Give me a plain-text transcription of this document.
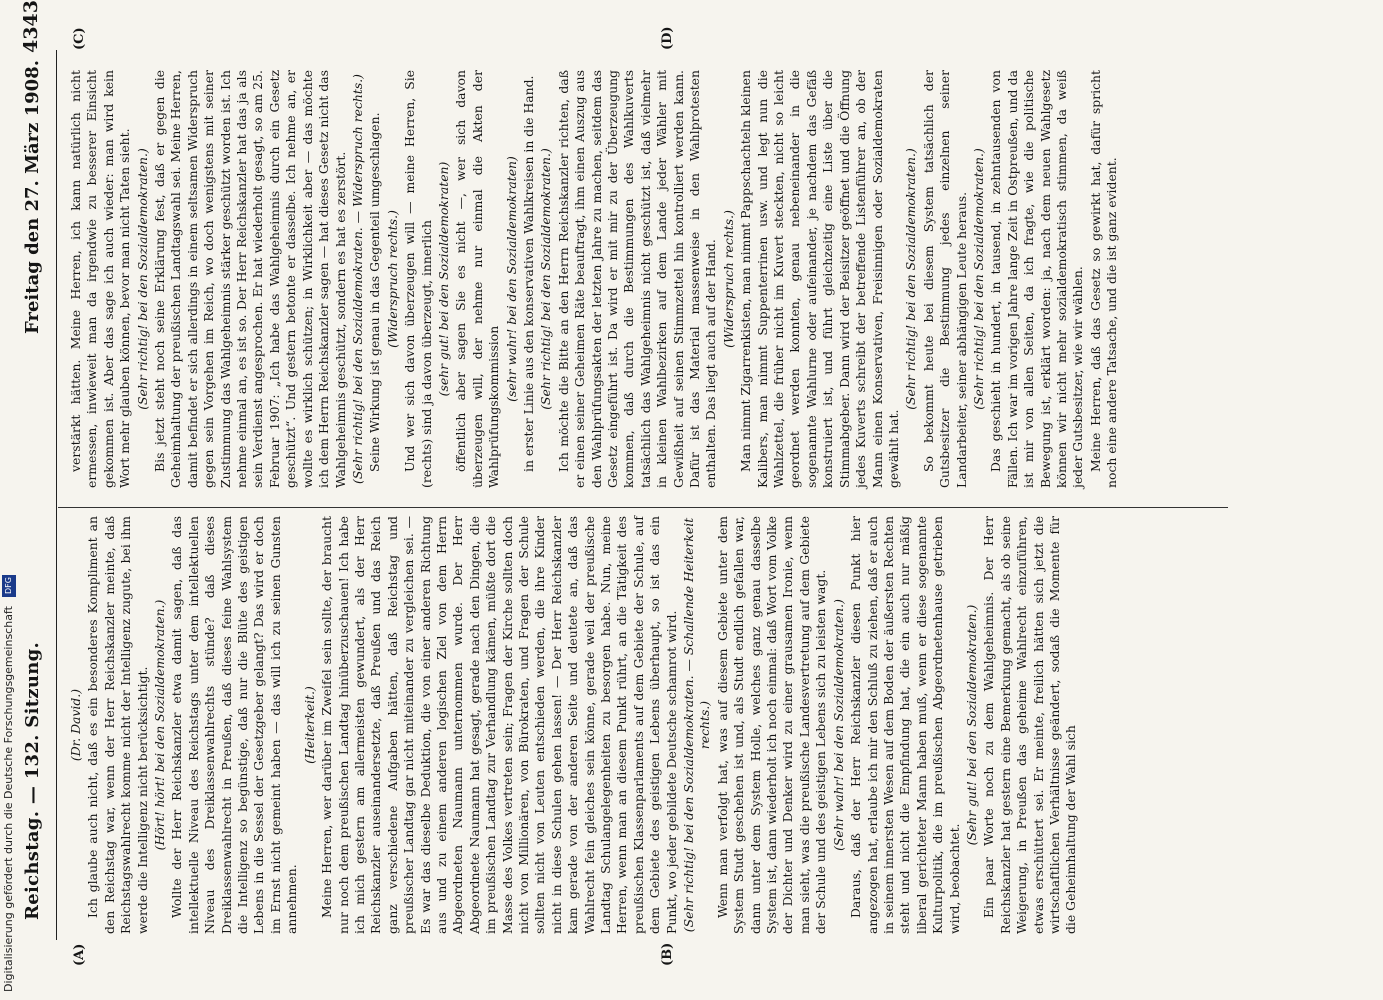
Reichstag. — 132. Sitzung.
Freitag den 27. März 1908.
4343
(A)	(B)
(C)	(D)

(Dr. David.) Ich glaube auch nicht, daß es ein besonderes Kompliment an den Reichstag war, wenn der Herr Reichskanzler meinte, daß Reichstagswahlrecht komme nicht der Intelligenz zugute, bei ihm werde die Intelligenz nicht berücksichtigt. (Hört! hört! bei den Sozialdemokraten.) Wollte der Herr Reichskanzler etwa damit sagen, daß das intellektuelle Niveau des Reichstags unter dem intellektuellen Niveau des Dreiklassenwahlrechts stünde? daß dieses Dreiklassenwahlrecht in Preußen, daß dieses feine Wahlsystem die Intelligenz so begünstige, daß nur die Blüte des geistigen Lebens in die Sessel der Gesetzgeber gelangt? Das wird er doch im Ernst nicht gemeint haben — das will ich zu seinen Gunsten annehmen.

(Heiterkeit.) Meine Herren, wer darüber im Zweifel sein sollte, der braucht nur noch dem preußischen Landtag hinüberzuschauen! Ich habe ich mich gestern am allermeisten gewundert, als der Herr Reichskanzler auseinandersetzte, daß Preußen und das Reich ganz verschiedene Aufgaben hätten, daß Reichstag und preußischer Landtag gar nicht miteinander zu vergleichen sei. — Es war das dieselbe Deduktion, die von einer anderen Richtung aus und zu einem anderen logischen Ziel von dem Herrn Abgeordneten Naumann unternommen wurde. Der Herr Abgeordnete Naumann hat gesagt, gerade nach den Dingen, die im preußischen Landtag zur Verhandlung kämen, müßte dort die Masse des Volkes vertreten sein; Fragen der Kirche sollten doch nicht von Millionären, von Bürokraten, und Fragen der Schule sollten nicht von Leuten entschieden werden, die ihre Kinder nicht in diese Schulen gehen lassen! — Der Herr Reichskanzler kam gerade von der anderen Seite und deutete an, daß das Wahlrecht fein gleiches sein könne, gerade weil der preußische Landtag Schulangelegenheiten zu besorgen habe. Nun, meine Herren, wenn man an diesem Punkt rührt, an die Tätigkeit des preußischen Klassenparlaments auf dem Gebiete der Schule, auf dem Gebiete des geistigen Lebens überhaupt, so ist das ein Punkt, wo jeder gebildete Deutsche schamrot wird. (Sehr richtig! bei den Sozialdemokraten. — Schallende Heiterkeit rechts.) Wenn man verfolgt hat, was auf diesem Gebiete unter dem System Studt geschehen ist und, als Studt endlich gefallen war, dann unter dem System Holle, welches ganz genau dasselbe System ist, dann wiederholt ich noch einmal: daß Wort vom Volke der Dichter und Denker wird zu einer grausamen Ironie, wenn man sieht, was die preußische Landesvertretung auf dem Gebiete der Schule und des geistigen Lebens sich zu leisten wagt. (Sehr wahr! bei den Sozialdemokraten.) Daraus, daß der Herr Reichskanzler diesen Punkt hier angezogen hat, erlaube ich mir den Schluß zu ziehen, daß er auch in seinem innersten Wesen auf dem Boden der äußersten Rechten steht und nicht die Empfindung hat, die ein auch nur mäßig liberal gerichteter Mann haben muß, wenn er diese sogenannte Kulturpolitik, die im preußischen Abgeordnetenhause getrieben wird, beobachtet.

(Sehr gut! bei den Sozialdemokraten.) Ein paar Worte noch zu dem Wahlgeheimnis. Der Herr Reichskanzler hat gestern eine Bemerkung gemacht, als ob seine Weigerung, in Preußen das geheime Wahlrecht einzuführen, etwas erschüttert sei. Er meinte, freilich hätten sich jetzt die wirtschaftlichen Verhältnisse geändert, sodaß die Momente für die Geheimhaltung der Wahl sich

verstärkt hätten. Meine Herren, ich kann natürlich nicht ermessen, inwieweit man da irgendwie zu besserer Einsicht gekommen ist. Aber das sage ich auch wieder: man wird kein Wort mehr glauben können, bevor man nicht Taten sieht. (Sehr richtig! bei den Sozialdemokraten.) Bis jetzt steht noch seine Erklärung fest, daß er gegen die Geheimhaltung der preußischen Landtagswahl sei. Meine Herren, damit befindet er sich allerdings in einem seltsamen Widerspruch gegen sein Vorgehen im Reich, wo doch wenigstens mit seiner Zustimmung das Wahlgeheimnis stärker geschützt worden ist. Ich nehme einmal an, es ist so. Der Herr Reichskanzler hat das ja als sein Verdienst angesprochen. Er hat wiederholt gesagt, so am 25. Februar 1907: „Ich habe das Wahlgeheimnis durch ein Gesetz geschützt“. Und gestern betonte er dasselbe. Ich nehme an, er wollte es wirklich schützen; in Wirklichkeit aber — das möchte ich dem Herrn Reichskanzler sagen — hat dieses Gesetz nicht das Wahlgeheimnis geschützt, sondern es hat es zerstört. (Sehr richtig! bei den Sozialdemokraten. — Widerspruch rechts.) Seine Wirkung ist genau in das Gegenteil umgeschlagen. (Widerspruch rechts.) Und wer sich davon überzeugen will — meine Herren, Sie (rechts) sind ja davon überzeugt, innerlich (sehr gut! bei den Sozialdemokraten) öffentlich aber sagen Sie es nicht —, wer sich davon überzeugen will, der nehme nur einmal die Akten der Wahlprüfungskommission

(sehr wahr! bei den Sozialdemokraten) in erster Linie aus den konservativen Wahlkreisen in die Hand. (Sehr richtig! bei den Sozialdemokraten.) Ich möchte die Bitte an den Herrn Reichskanzler richten, daß er einen seiner Geheimen Räte beauftragt, ihm einen Auszug aus den Wahlprüfungsakten der letzten Jahre zu machen, seitdem das Gesetz eingeführt ist. Da wird er mit mir zu der Überzeugung kommen, daß durch die Bestimmungen des Wahlkuverts tatsächlich das Wahlgeheimnis nicht geschützt ist, daß vielmehr in kleinen Wahlbezirken auf dem Lande jeder Wähler mit Gewißheit auf seinen Stimmzettel hin kontrolliert werden kann. Dafür ist das Material massenweise in den Wahlprotesten enthalten. Das liegt auch auf der Hand. (Widerspruch rechts.) Man nimmt Zigarrenkisten, man nimmt Pappschachteln kleinen Kalibers, man nimmt Suppenterrinen usw. und legt nun die Wahlzettel, die früher nicht im Kuvert steckten, nicht so leicht geordnet werden konnten, genau nebeneinander in die sogenannte Wahlurne oder aufeinander, je nachdem das Gefäß konstruiert ist, und führt gleichzeitig eine Liste über die Stimmabgeber. Dann wird der Beisitzer geöffnet und die Öffnung jedes Kuverts schreibt der betreffende Listenführer an, ob der Mann einen Konservativen, Freisinnigen oder Sozialdemokraten gewählt hat.

(Sehr richtig! bei den Sozialdemokraten.) So bekommt heute bei diesem System tatsächlich der Gutsbesitzer die Bestimmung jedes einzelnen seiner Landarbeiter, seiner abhängigen Leute heraus. (Sehr richtig! bei den Sozialdemokraten.) Das geschieht in hundert, in tausend, in zehntausenden von Fällen. Ich war im vorigen Jahre lange Zeit in Ostpreußen, und da ist mir von allen Seiten, da ich fragte, wie die politische Bewegung ist, erklärt worden: ja, nach dem neuen Wahlgesetz können wir nicht mehr sozialdemokratisch stimmen, da weiß jeder Gutsbesitzer, wie wir wählen. Meine Herren, daß das Gesetz so gewirkt hat, dafür spricht noch eine andere Tatsache, und die ist ganz evident.

Digitalisierung gefördert durch die Deutsche Forschungsgemeinschaft DFG
